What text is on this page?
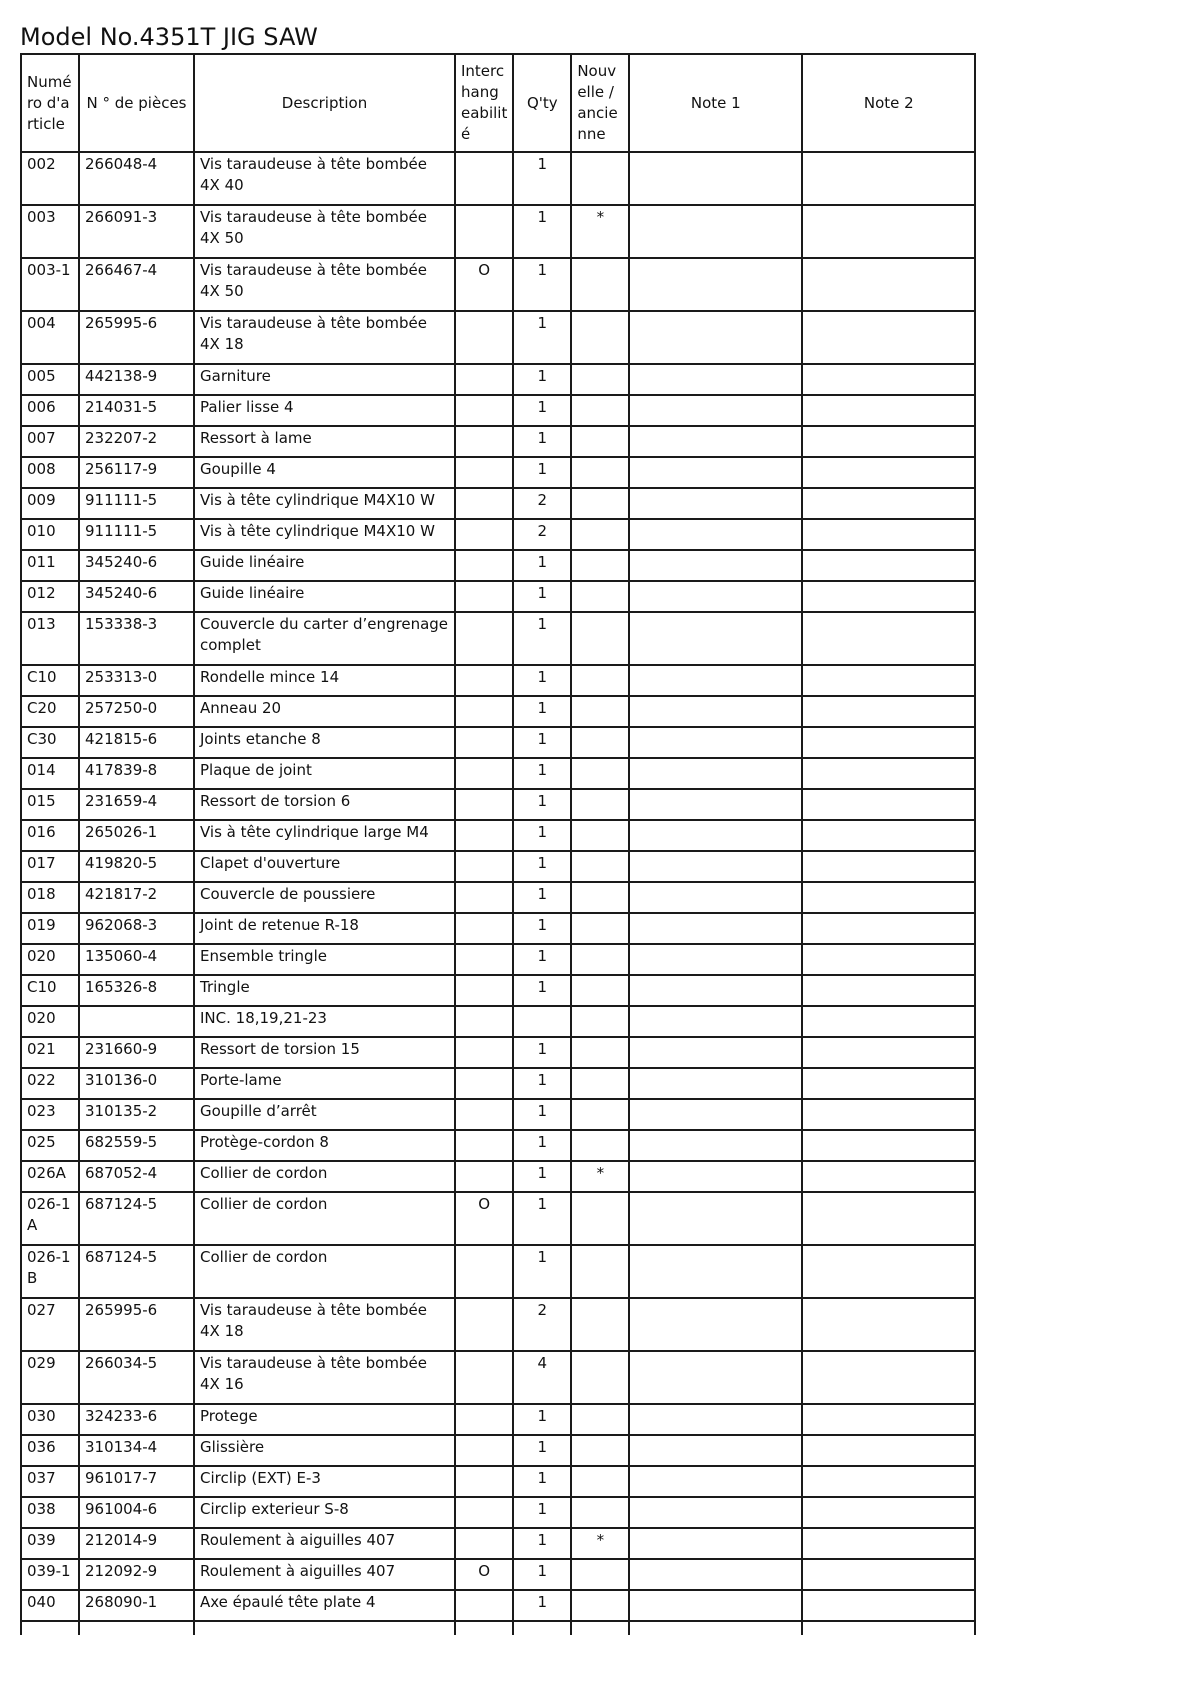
Model No.4351T JIG SAW
Numé ro d'a rticle	N ° de pièces	Description	Interc hang eabilit é	Q'ty	Nouv elle / ancie nne	Note 1	Note 2
002	266048-4	Vis taraudeuse à tête bombée 4X 40		1			
003	266091-3	Vis taraudeuse à tête bombée 4X 50		1	*		
003-1	266467-4	Vis taraudeuse à tête bombée 4X 50	O	1			
004	265995-6	Vis taraudeuse à tête bombée 4X 18		1			
005	442138-9	Garniture		1			
006	214031-5	Palier lisse 4		1			
007	232207-2	Ressort à lame		1			
008	256117-9	Goupille 4		1			
009	911111-5	Vis à tête cylindrique M4X10 W		2			
010	911111-5	Vis à tête cylindrique M4X10 W		2			
011	345240-6	Guide linéaire		1			
012	345240-6	Guide linéaire		1			
013	153338-3	Couvercle du carter d’engrenage complet		1			
C10	253313-0	Rondelle mince 14		1			
C20	257250-0	Anneau 20		1			
C30	421815-6	Joints etanche 8		1			
014	417839-8	Plaque de joint		1			
015	231659-4	Ressort de torsion 6		1			
016	265026-1	Vis à tête cylindrique large M4		1			
017	419820-5	Clapet d'ouverture		1			
018	421817-2	Couvercle de poussiere		1			
019	962068-3	Joint de retenue R-18		1			
020	135060-4	Ensemble tringle		1			
C10	165326-8	Tringle		1			
020		INC. 18,19,21-23					
021	231660-9	Ressort de torsion 15		1			
022	310136-0	Porte-lame		1			
023	310135-2	Goupille d’arrêt		1			
025	682559-5	Protège-cordon 8		1			
026A	687052-4	Collier de cordon		1	*		
026-1 A	687124-5	Collier de cordon	O	1			
026-1 B	687124-5	Collier de cordon		1			
027	265995-6	Vis taraudeuse à tête bombée 4X 18		2			
029	266034-5	Vis taraudeuse à tête bombée 4X 16		4			
030	324233-6	Protege		1			
036	310134-4	Glissière		1			
037	961017-7	Circlip (EXT) E-3		1			
038	961004-6	Circlip exterieur S-8		1			
039	212014-9	Roulement à aiguilles 407		1	*		
039-1	212092-9	Roulement à aiguilles 407	O	1			
040	268090-1	Axe épaulé tête plate 4		1			
